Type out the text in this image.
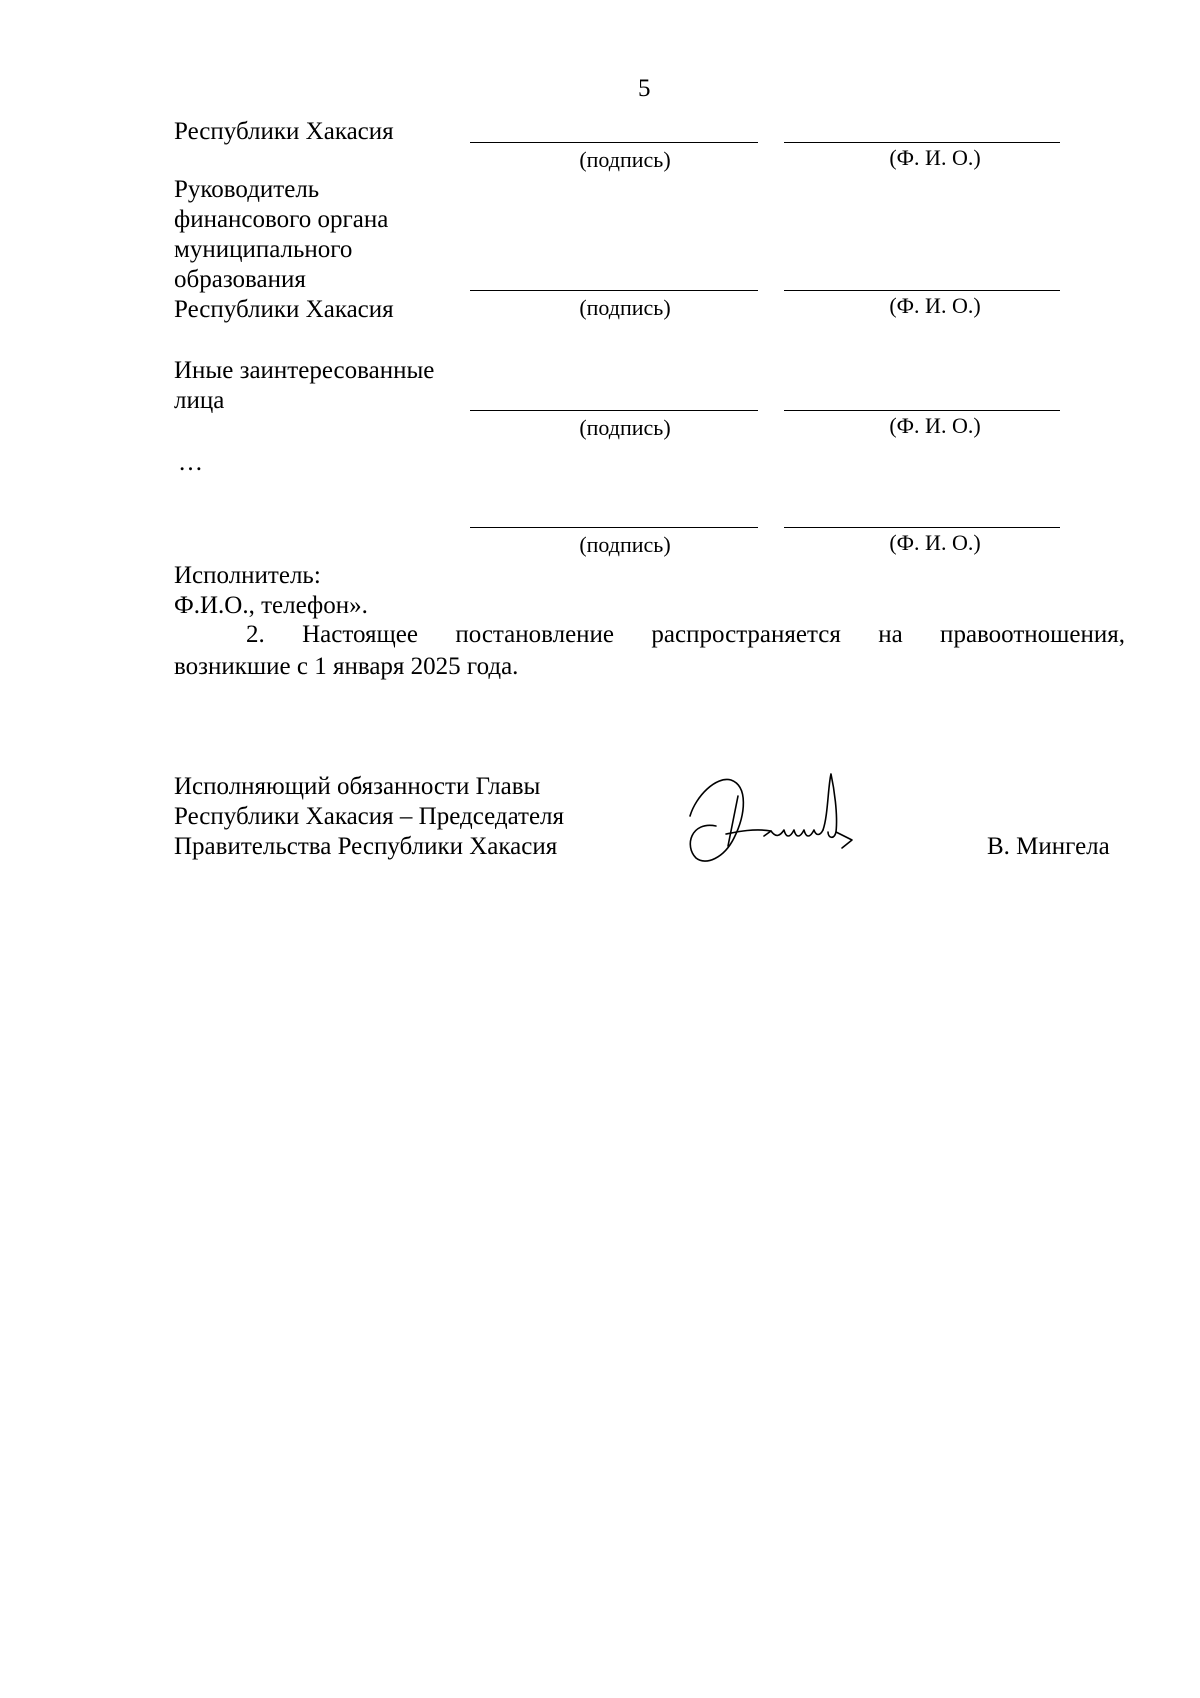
5
Республики Хакасия
(подпись)	(Ф. И. О.)
Руководитель
финансового органа
муниципального
образования
Республики Хакасия	(подпись)	(Ф. И. О.)
Иные заинтересованные
лица
(подпись)	(Ф. И. О.)
…
(подпись)	(Ф. И. О.)
Исполнитель:
Ф.И.О., телефон».
2. Настоящее постановление распространяется на правоотношения,
возникшие с 1 января 2025 года.
Исполняющий обязанности Главы
Республики Хакасия – Председателя
Правительства Республики Хакасия	В. Мингела
